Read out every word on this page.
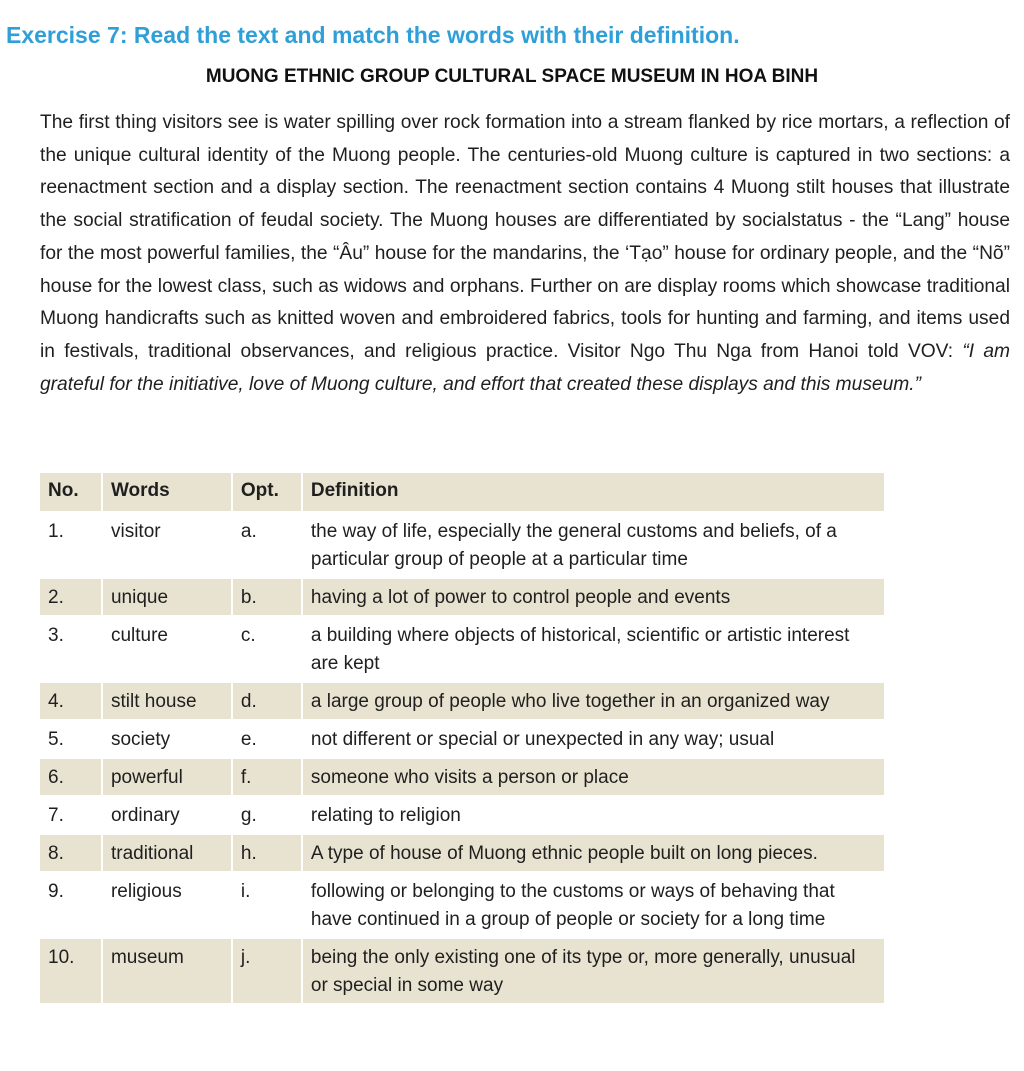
Exercise 7: Read the text and match the words with their definition.
MUONG ETHNIC GROUP CULTURAL SPACE MUSEUM IN HOA BINH
The first thing visitors see is water spilling over rock formation into a stream flanked by rice mortars, a reflection of the unique cultural identity of the Muong people. The centuries-old Muong culture is captured in two sections: a reenactment section and a display section. The reenactment section contains 4 Muong stilt houses that illustrate the social stratification of feudal society. The Muong houses are differentiated by socialstatus - the “Lang” house for the most powerful families, the “Âu” house for the mandarins, the ‘Tạo” house for ordinary people, and the “Nõ” house for the lowest class, such as widows and orphans. Further on are display rooms which showcase traditional Muong handicrafts such as knitted woven and embroidered fabrics, tools for hunting and farming, and items used in festivals, traditional observances, and religious practice. Visitor Ngo Thu Nga from Hanoi told VOV: “I am grateful for the initiative, love of Muong culture, and effort that created these displays and this museum.”
No.	Words	Opt.	Definition
1.	visitor	a.	the way of life, especially the general customs and beliefs, of a particular group of people at a particular time
2.	unique	b.	having a lot of power to control people and events
3.	culture	c.	a building where objects of historical, scientific or artistic interest are kept
4.	stilt house	d.	a large group of people who live together in an organized way
5.	society	e.	not different or special or unexpected in any way; usual
6.	powerful	f.	someone who visits a person or place
7.	ordinary	g.	relating to religion
8.	traditional	h.	A type of house of Muong ethnic people built on long pieces.
9.	religious	i.	following or belonging to the customs or ways of behaving that have continued in a group of people or society for a long time
10.	museum	j.	being the only existing one of its type or, more generally, unusual or special in some way
